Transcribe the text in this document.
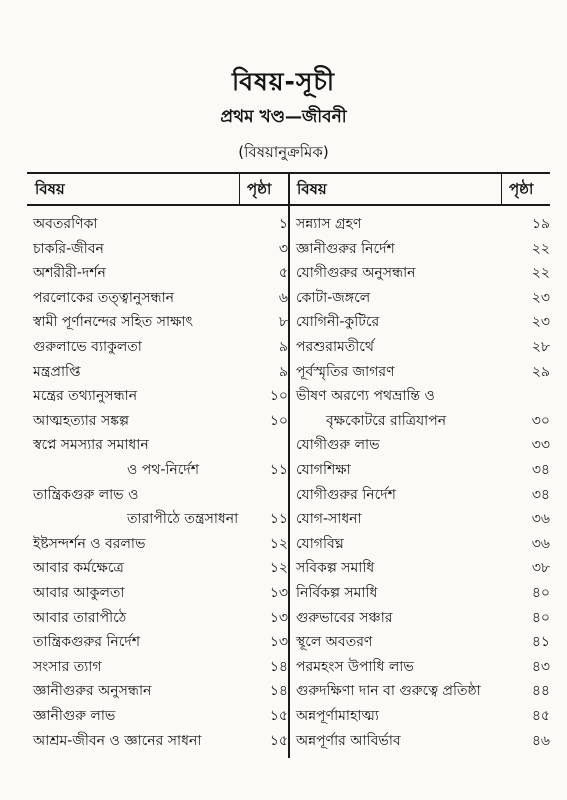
বিষয়-সূচী
প্রথম খণ্ড—জীবনী
(বিষয়ানুক্রমিক)
বিষয়	পৃষ্ঠা বিষয়	পৃষ্ঠা
অবতরণিকা	১
চাকরি-জীবন	৩
অশরীরী-দর্শন	৫
পরলোকের তত্ত্বানুসন্ধান	৬
স্বামী পূর্ণানন্দের সহিত সাক্ষাৎ	৮
গুরুলাভে ব্যাকুলতা	৯
মন্ত্রপ্রাপ্তি	৯
মন্ত্রের তথ্যানুসন্ধান	১০
আত্মহত্যার সঙ্কল্প	১০
স্বপ্নে সমস্যার সমাধান
ও পথ-নির্দেশ	১১
তান্ত্রিকগুরু লাভ ও
তারাপীঠে তন্ত্রসাধনা	১১
ইষ্টসন্দর্শন ও বরলাভ	১২
আবার কর্মক্ষেত্রে	১২
আবার আকুলতা	১৩
আবার তারাপীঠে	১৩
তান্ত্রিকগুরুর নির্দেশ	১৩
সংসার ত্যাগ	১৪
জ্ঞানীগুরুর অনুসন্ধান	১৪
জ্ঞানীগুরু লাভ	১৫
আশ্রম-জীবন ও জ্ঞানের সাধনা	১৫
সন্ন্যাস গ্রহণ	১৯
জ্ঞানীগুরুর নির্দেশ	২২
যোগীগুরুর অনুসন্ধান	২২
কোটা-জঙ্গলে	২৩
যোগিনী-কুটিরে	২৩
পরশুরামতীর্থে	২৮
পূর্বস্মৃতির জাগরণ	২৯
ভীষণ অরণ্যে পথভ্রান্তি ও
বৃক্ষকোটরে রাত্রিযাপন	৩০
যোগীগুরু লাভ	৩৩
যোগশিক্ষা	৩৪
যোগীগুরুর নির্দেশ	৩৪
যোগ-সাধনা	৩৬
যোগবিঘ্ন	৩৬
সবিকল্প সমাধি	৩৮
নির্বিকল্প সমাধি	৪০
গুরুভাবের সঞ্চার	৪০
স্থূলে অবতরণ	৪১
পরমহংস উপাধি লাভ	৪৩
গুরুদক্ষিণা দান বা গুরুত্বে প্রতিষ্ঠা	৪৪
অন্নপূর্ণামাহাত্ম্য	৪৫
অন্নপূর্ণার আবির্ভাব	৪৬
